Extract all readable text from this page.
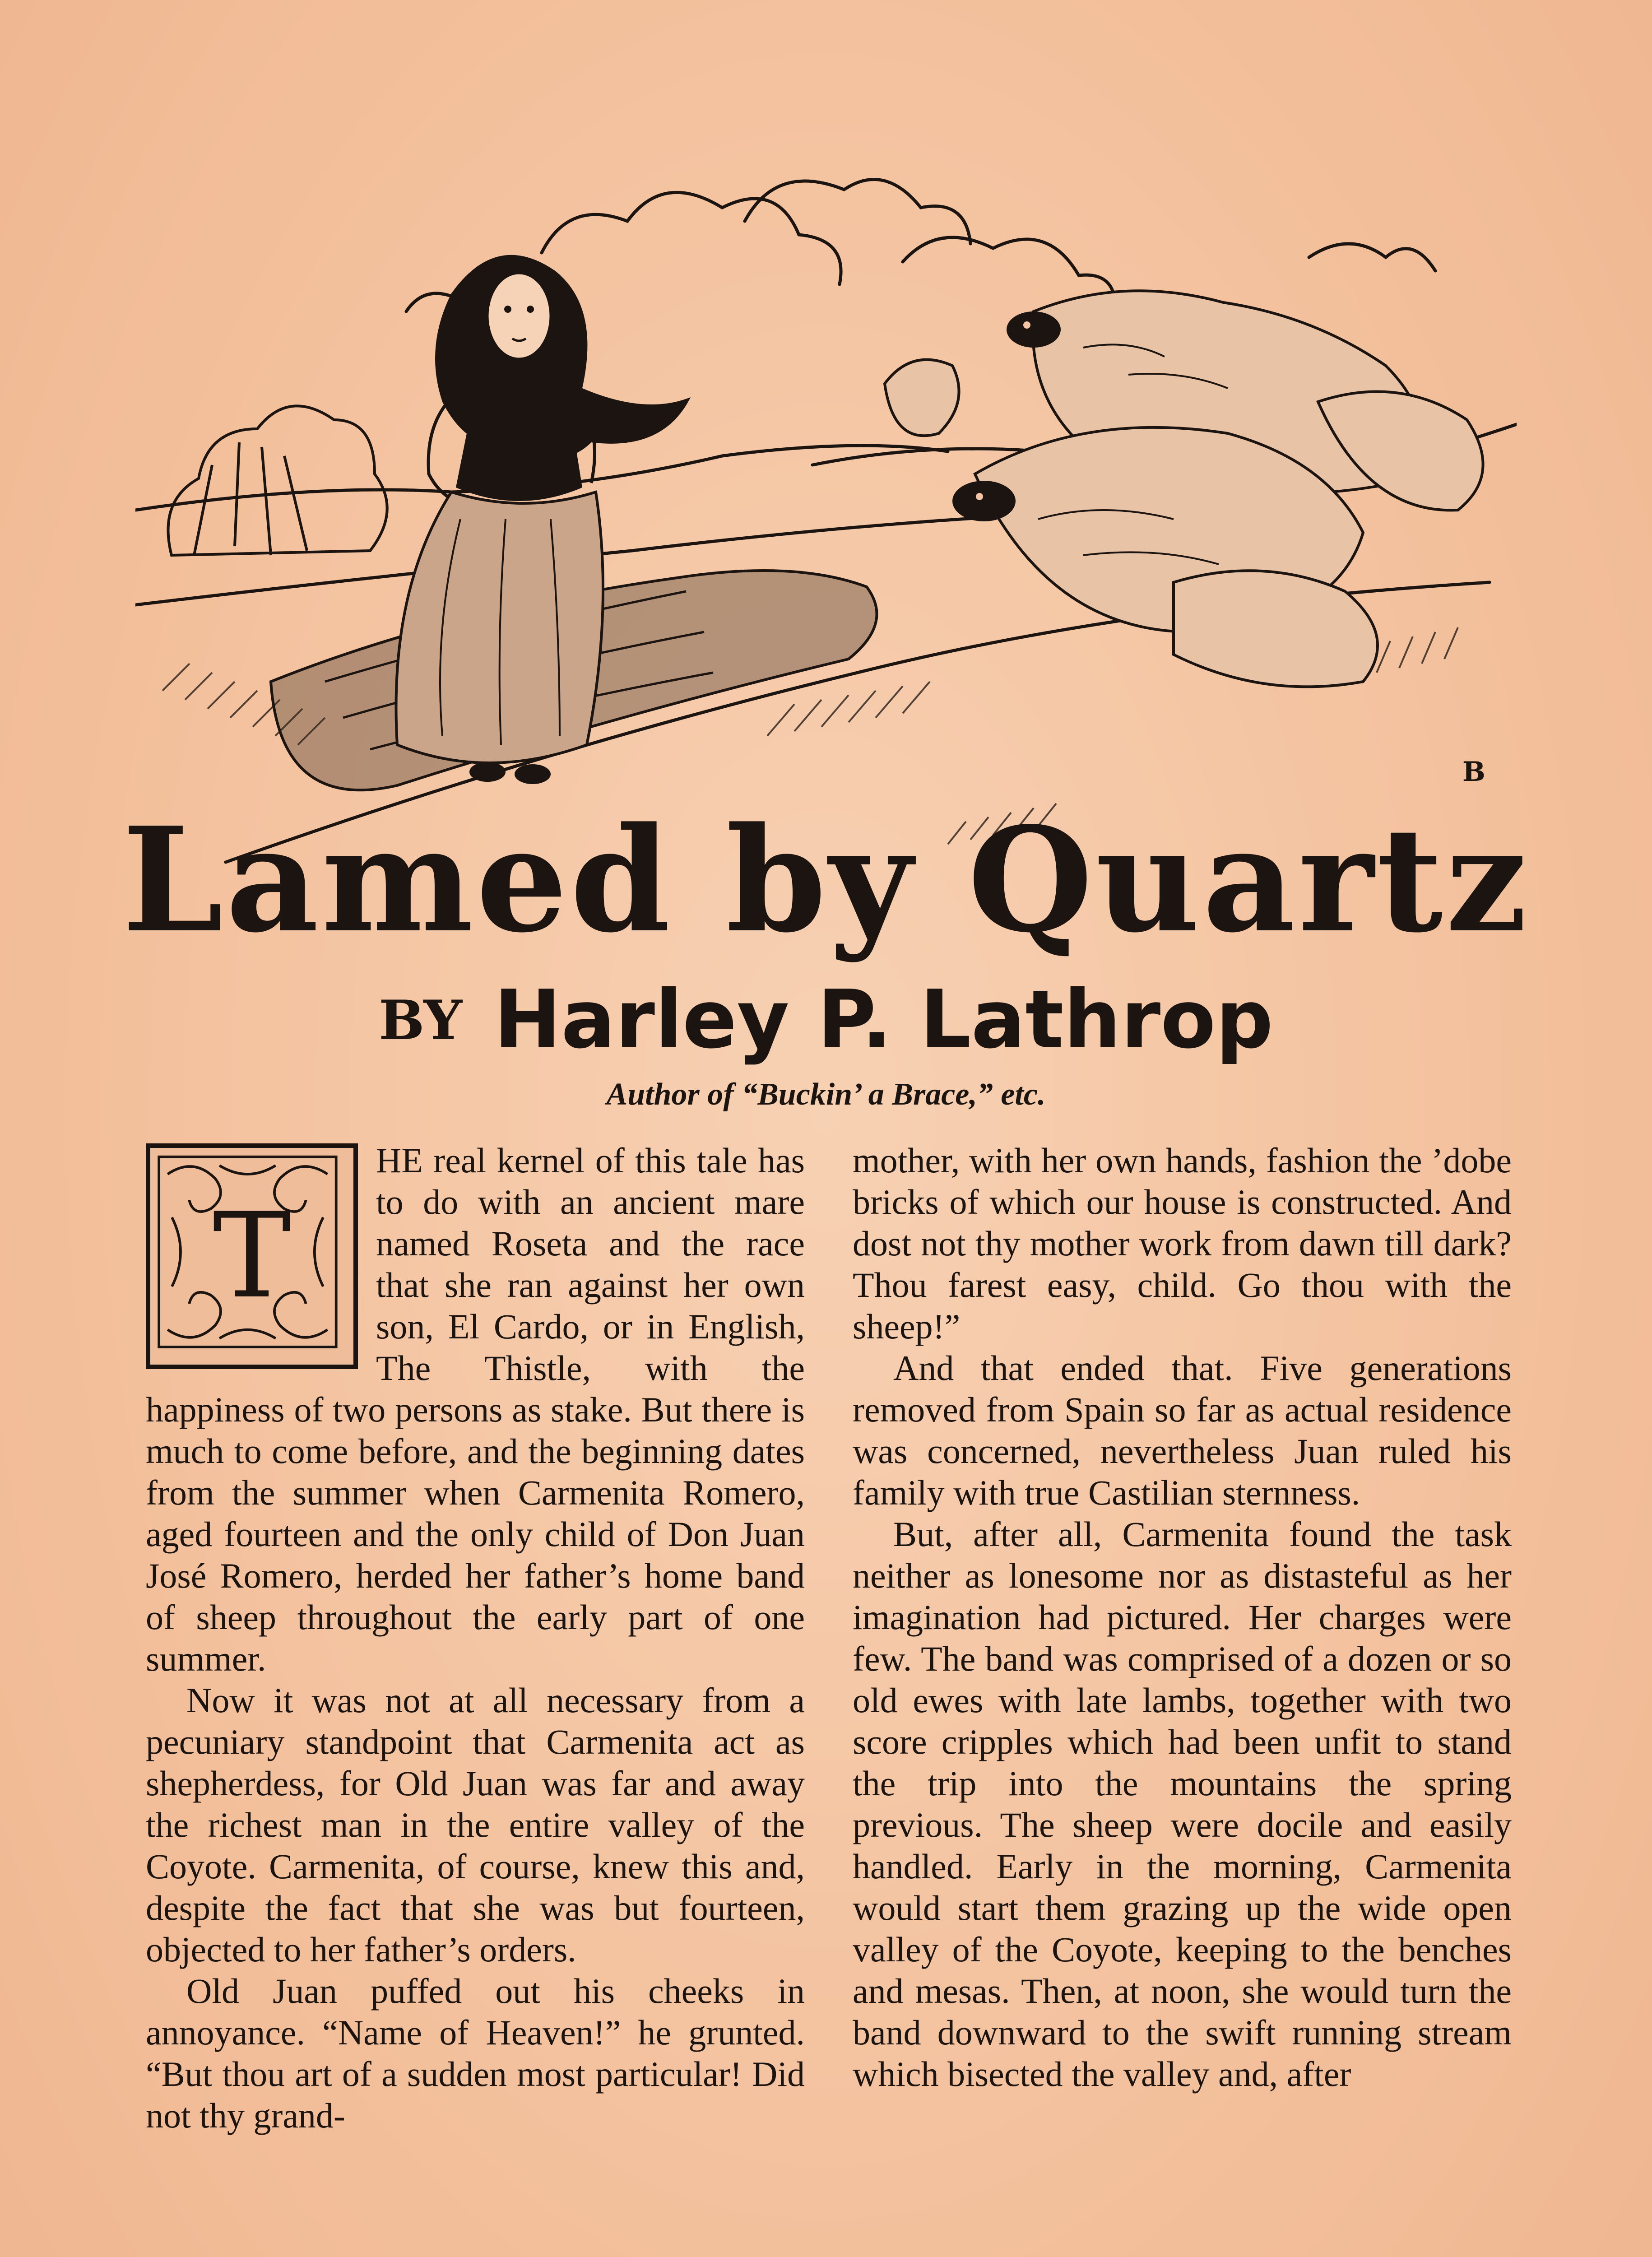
B
Lamed by Quartz
BY Harley P. Lathrop
Author of “Buckin’ a Brace,” etc.
T

HE real kernel of this tale has to do with an ancient mare named Roseta and the race that she ran against her own son, El Cardo, or in English, The Thistle, with the happiness of two persons as stake. But there is much to come before, and the beginning dates from the summer when Carmenita Romero, aged fourteen and the only child of Don Juan José Romero, herded her father’s home band of sheep throughout the early part of one summer.

Now it was not at all necessary from a pecuniary standpoint that Carmenita act as shepherdess, for Old Juan was far and away the richest man in the entire valley of the Coyote. Carmenita, of course, knew this and, despite the fact that she was but fourteen, objected to her father’s orders.

Old Juan puffed out his cheeks in annoyance. “Name of Heaven!” he grunted. “But thou art of a sudden most particular! Did not thy grand-

mother, with her own hands, fashion the ’dobe bricks of which our house is constructed. And dost not thy mother work from dawn till dark? Thou farest easy, child. Go thou with the sheep!”

And that ended that. Five generations removed from Spain so far as actual residence was concerned, nevertheless Juan ruled his family with true Castilian sternness.

But, after all, Carmenita found the task neither as lonesome nor as distasteful as her imagination had pictured. Her charges were few. The band was comprised of a dozen or so old ewes with late lambs, together with two score cripples which had been unfit to stand the trip into the mountains the spring previous. The sheep were docile and easily handled. Early in the morning, Carmenita would start them grazing up the wide open valley of the Coyote, keeping to the benches and mesas. Then, at noon, she would turn the band downward to the swift running stream which bisected the valley and, after
